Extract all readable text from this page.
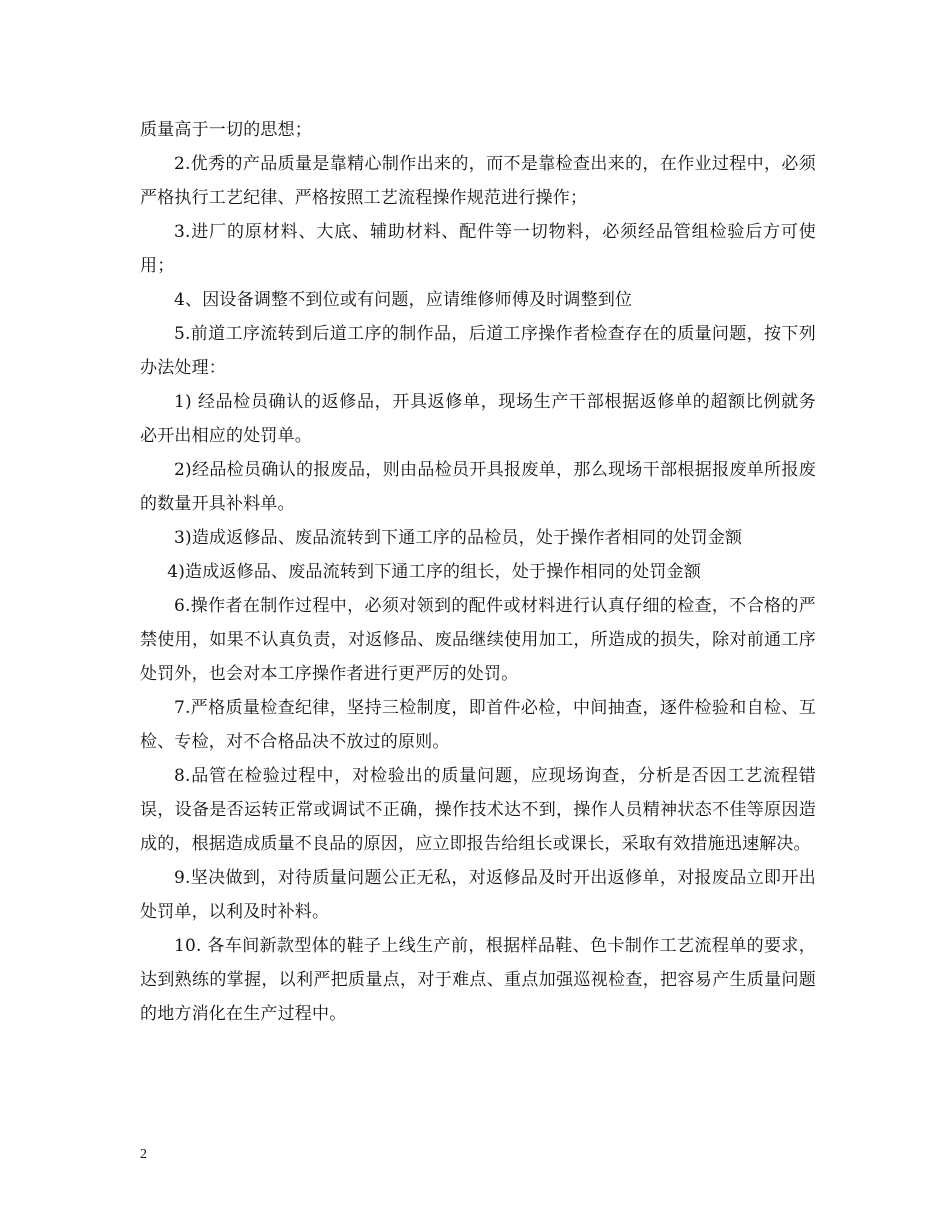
质量高于一切的思想；

2.优秀的产品质量是靠精心制作出来的，而不是靠检查出来的，在作业过程中，必须严格执行工艺纪律、严格按照工艺流程操作规范进行操作；

3.进厂的原材料、大底、辅助材料、配件等一切物料，必须经品管组检验后方可使用；

4、因设备调整不到位或有问题，应请维修师傅及时调整到位

5.前道工序流转到后道工序的制作品，后道工序操作者检查存在的质量问题，按下列办法处理：

1) 经品检员确认的返修品，开具返修单，现场生产干部根据返修单的超额比例就务必开出相应的处罚单。

2)经品检员确认的报废品，则由品检员开具报废单，那么现场干部根据报废单所报废的数量开具补料单。

3)造成返修品、废品流转到下通工序的品检员，处于操作者相同的处罚金额

4)造成返修品、废品流转到下通工序的组长，处于操作相同的处罚金额

6.操作者在制作过程中，必须对领到的配件或材料进行认真仔细的检查，不合格的严禁使用，如果不认真负责，对返修品、废品继续使用加工，所造成的损失，除对前通工序处罚外，也会对本工序操作者进行更严厉的处罚。

7.严格质量检查纪律，坚持三检制度，即首件必检，中间抽查，逐件检验和自检、互检、专检，对不合格品决不放过的原则。

8.品管在检验过程中，对检验出的质量问题，应现场询查，分析是否因工艺流程错误，设备是否运转正常或调试不正确，操作技术达不到，操作人员精神状态不佳等原因造成的，根据造成质量不良品的原因，应立即报告给组长或课长，采取有效措施迅速解决。

9.坚决做到，对待质量问题公正无私，对返修品及时开出返修单，对报废品立即开出处罚单，以利及时补料。

10. 各车间新款型体的鞋子上线生产前，根据样品鞋、色卡制作工艺流程单的要求，达到熟练的掌握，以利严把质量点，对于难点、重点加强巡视检查，把容易产生质量问题的地方消化在生产过程中。

2
